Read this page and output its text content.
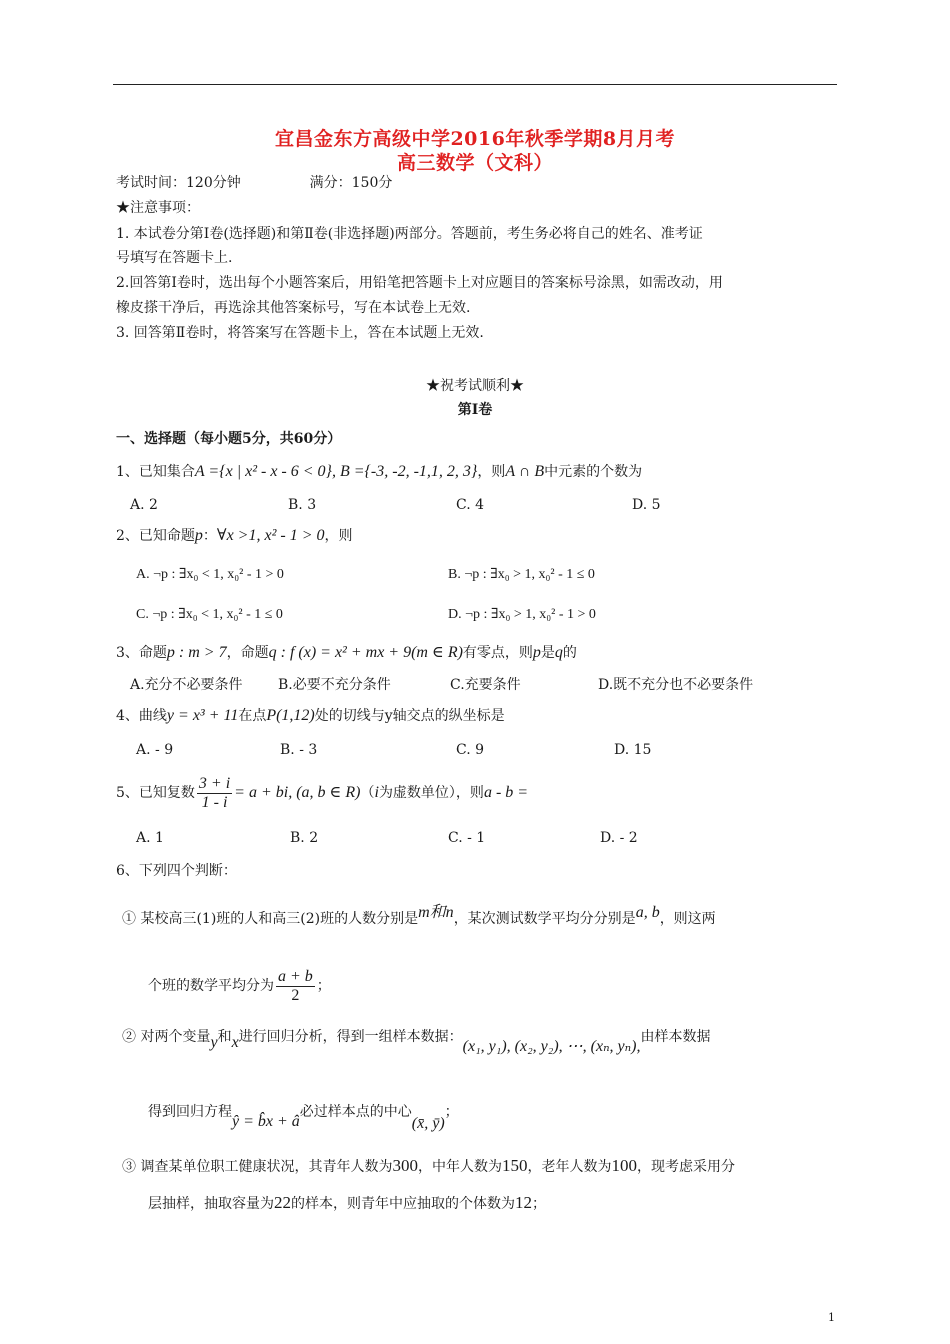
宜昌金东方高级中学2016年秋季学期8月月考
高三数学（文科）
考试时间：120分钟	满分：150分
★注意事项：
1. 本试卷分第Ⅰ卷(选择题)和第Ⅱ卷(非选择题)两部分。答题前，考生务必将自己的姓名、准考证
号填写在答题卡上.
2.回答第Ⅰ卷时，选出每个小题答案后，用铅笔把答题卡上对应题目的答案标号涂黑，如需改动，用
橡皮搽干净后，再选涂其他答案标号，写在本试卷上无效.
3. 回答第Ⅱ卷时，将答案写在答题卡上，答在本试题上无效.
★祝考试顺利★
第Ⅰ卷
一、选择题（每小题5分，共60分）
1、已知集合A ={x | x² - x - 6 < 0}, B ={-3, -2, -1,1, 2, 3}，则A ∩ B中元素的个数为
A. 2	B. 3	C. 4	D. 5
2、已知命题p：∀x >1, x² - 1 > 0，则
A. ¬p : ∃x₀ < 1, x₀² - 1 > 0	B. ¬p : ∃x₀ > 1, x₀² - 1 ≤ 0
C. ¬p : ∃x₀ < 1, x₀² - 1 ≤ 0	D. ¬p : ∃x₀ > 1, x₀² - 1 > 0
3、命题p : m > 7，命题q : f (x) = x² + mx + 9(m ∈ R)有零点，则p是q的
A.充分不必要条件	B.必要不充分条件	C.充要条件	D.既不充分也不必要条件
4、曲线y = x³ + 11在点P(1,12)处的切线与y轴交点的纵坐标是
A. - 9	B. - 3	C. 9	D. 15
5、已知复数 $\frac{3 + i}{1 - i} = a$ + bi, (a, b ∈ R)（i为虚数单位），则a - b =
A. 1	B. 2	C. - 1	D. - 2
6、下列四个判断：
① 某校高三(1)班的人和高三(2)班的人数分别是m和n，某次测试数学平均分分别是a, b，则这两
个班的数学平均分为 $\frac{a + b}{2}$ ；
② 对两个变量y和x进行回归分析，得到一组样本数据：(x₁, y₁), (x₂, y₂), ⋯, (xₙ, yₙ),由样本数据
得到回归方程ŷ = b̂x + â必过样本点的中心(x̄, ȳ)；
③ 调查某单位职工健康状况，其青年人数为300，中年人数为150，老年人数为100，现考虑采用分
层抽样，抽取容量为22的样本，则青年中应抽取的个体数为12；
1
